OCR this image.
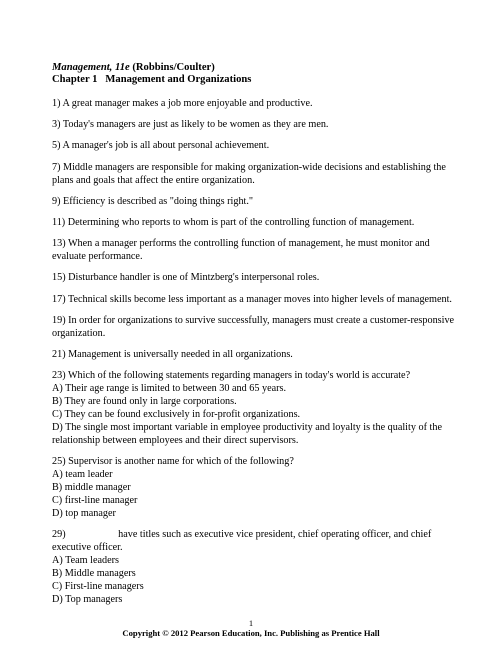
Management, 11e (Robbins/Coulter)
Chapter 1 Management and Organizations
1) A great manager makes a job more enjoyable and productive.
3) Today's managers are just as likely to be women as they are men.
5) A manager's job is all about personal achievement.
7) Middle managers are responsible for making organization-wide decisions and establishing the plans and goals that affect the entire organization.
9) Efficiency is described as "doing things right."
11) Determining who reports to whom is part of the controlling function of management.
13) When a manager performs the controlling function of management, he must monitor and evaluate performance.
15) Disturbance handler is one of Mintzberg's interpersonal roles.
17) Technical skills become less important as a manager moves into higher levels of management.
19) In order for organizations to survive successfully, managers must create a customer-responsive organization.
21) Management is universally needed in all organizations.
23) Which of the following statements regarding managers in today's world is accurate?
A) Their age range is limited to between 30 and 65 years.
B) They are found only in large corporations.
C) They can be found exclusively in for-profit organizations.
D) The single most important variable in employee productivity and loyalty is the quality of the relationship between employees and their direct supervisors.
25) Supervisor is another name for which of the following?
A) team leader
B) middle manager
C) first-line manager
D) top manager
29)	have titles such as executive vice president, chief operating officer, and chief executive officer.
A) Team leaders
B) Middle managers
C) First-line managers
D) Top managers
1
Copyright © 2012 Pearson Education, Inc. Publishing as Prentice Hall
